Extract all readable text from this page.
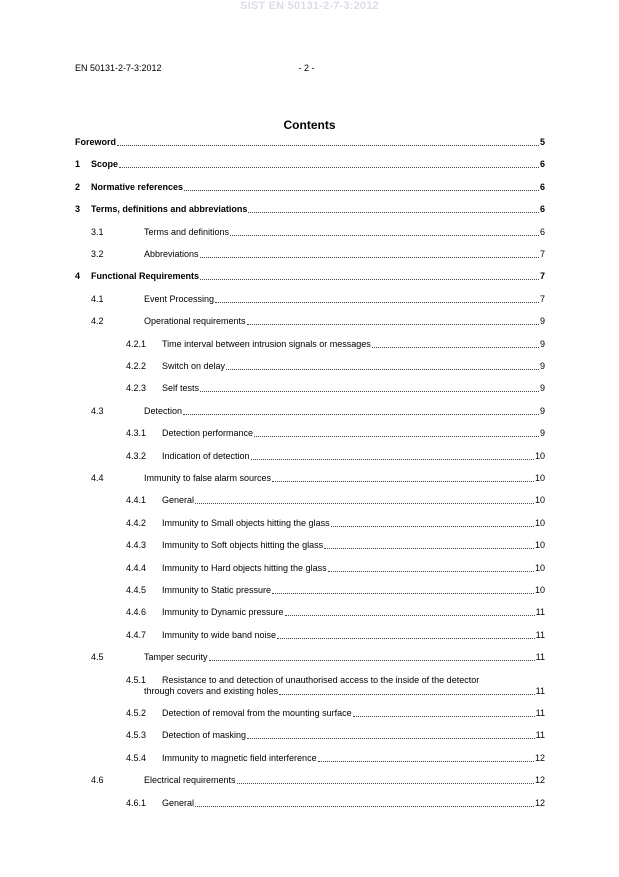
SIST EN 50131-2-7-3:2012
EN 50131-2-7-3:2012	- 2 -
Contents
Foreword	5
1 Scope	6
2 Normative references	6
3 Terms, definitions and abbreviations	6
3.1	Terms and definitions	6
3.2	Abbreviations	7
4 Functional Requirements	7
4.1	Event Processing	7
4.2	Operational requirements	9
4.2.1 Time interval between intrusion signals or messages	9
4.2.2 Switch on delay	9
4.2.3 Self tests	9
4.3	Detection	9
4.3.1 Detection performance	9
4.3.2 Indication of detection	10
4.4	Immunity to false alarm sources	10
4.4.1 General	10
4.4.2 Immunity to Small objects hitting the glass	10
4.4.3 Immunity to Soft objects hitting the glass	10
4.4.4 Immunity to Hard objects hitting the glass	10
4.4.5 Immunity to Static pressure	10
4.4.6 Immunity to Dynamic pressure	11
4.4.7 Immunity to wide band noise	11
4.5	Tamper security	11
4.5.1 Resistance to and detection of unauthorised access to the inside of the detector
through covers and existing holes	11
4.5.2 Detection of removal from the mounting surface	11
4.5.3 Detection of masking	11
4.5.4 Immunity to magnetic field interference	12
4.6	Electrical requirements	12
4.6.1 General	12
